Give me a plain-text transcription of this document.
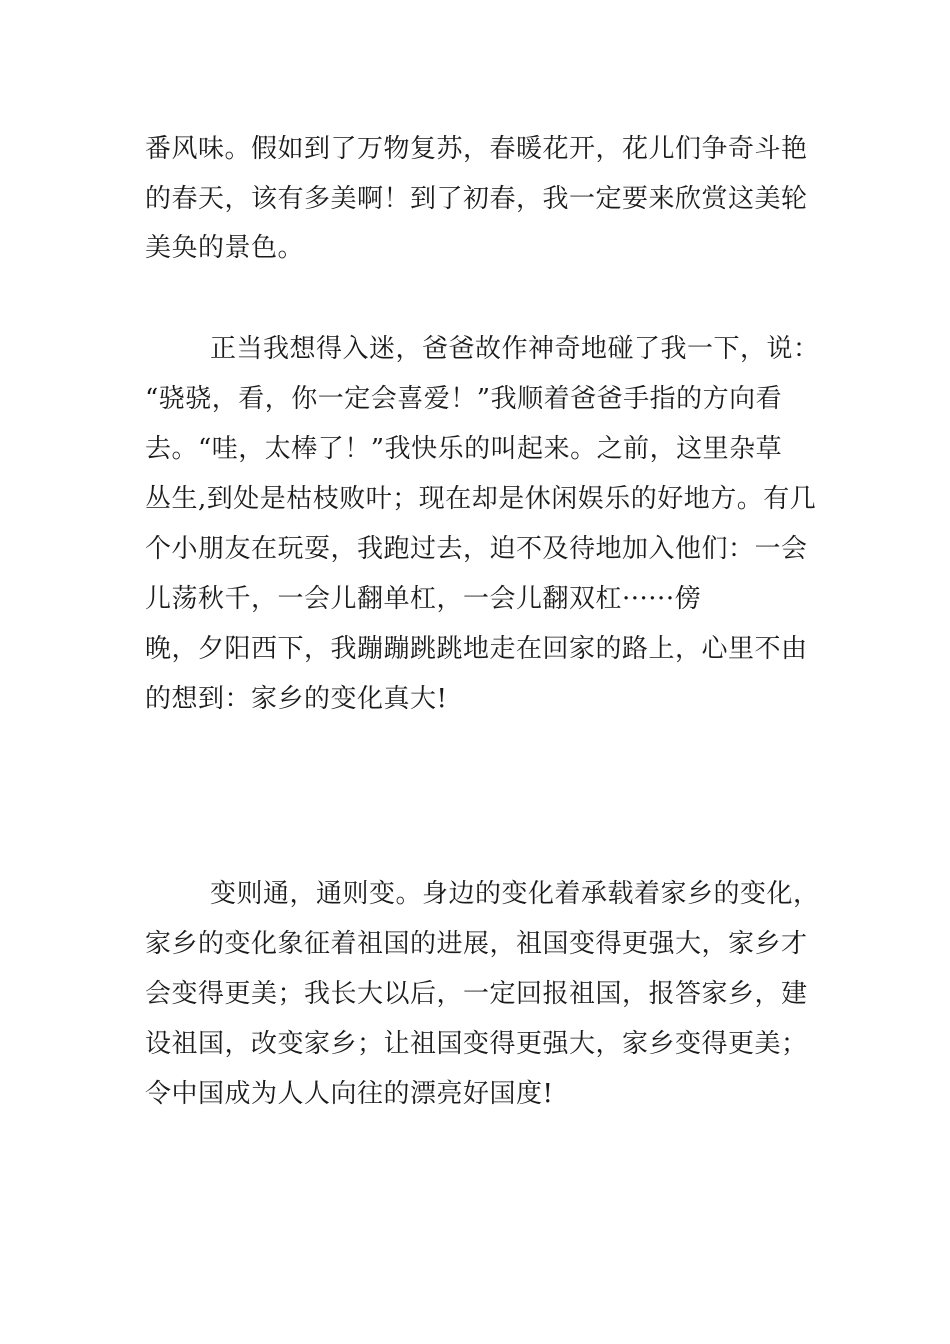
番风味。假如到了万物复苏，春暖花开，花儿们争奇斗艳
的春天，该有多美啊！到了初春，我一定要来欣赏这美轮
美奂的景色。
正当我想得入迷，爸爸故作神奇地碰了我一下，说：
“骁骁，看，你一定会喜爱！”我顺着爸爸手指的方向看
去。“哇，太棒了！”我快乐的叫起来。之前，这里杂草
丛生,到处是枯枝败叶；现在却是休闲娱乐的好地方。有几
个小朋友在玩耍，我跑过去，迫不及待地加入他们：一会
儿荡秋千，一会儿翻单杠，一会儿翻双杠······傍
晚，夕阳西下，我蹦蹦跳跳地走在回家的路上，心里不由
的想到：家乡的变化真大!
变则通，通则变。身边的变化着承载着家乡的变化，
家乡的变化象征着祖国的进展，祖国变得更强大，家乡才
会变得更美；我长大以后，一定回报祖国，报答家乡，建
设祖国，改变家乡；让祖国变得更强大，家乡变得更美；
令中国成为人人向往的漂亮好国度!
